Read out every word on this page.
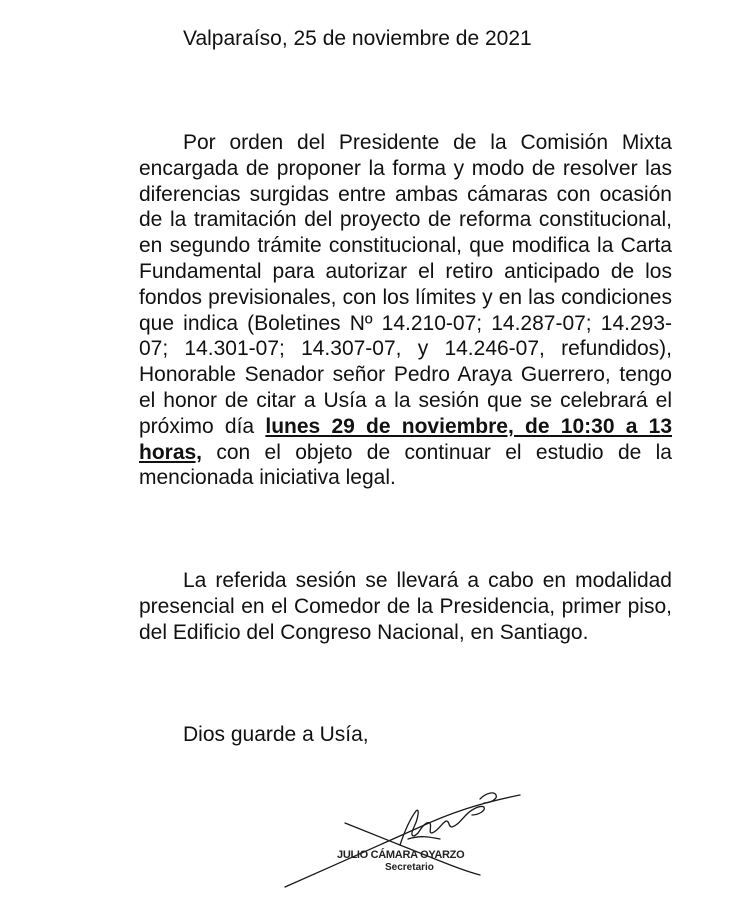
Valparaíso, 25 de noviembre de 2021

Por orden del Presidente de la Comisión Mixta encargada de proponer la forma y modo de resolver las diferencias surgidas entre ambas cámaras con ocasión de la tramitación del proyecto de reforma constitucional, en segundo trámite constitucional, que modifica la Carta Fundamental para autorizar el retiro anticipado de los fondos previsionales, con los límites y en las condiciones que indica (Boletines Nº 14.210-07; 14.287-07; 14.293-07; 14.301-07; 14.307-07, y 14.246-07, refundidos), Honorable Senador señor Pedro Araya Guerrero, tengo el honor de citar a Usía a la sesión que se celebrará el próximo día lunes 29 de noviembre, de 10:30 a 13 horas, con el objeto de continuar el estudio de la mencionada iniciativa legal.

La referida sesión se llevará a cabo en modalidad presencial en el Comedor de la Presidencia, primer piso, del Edificio del Congreso Nacional, en Santiago.

Dios guarde a Usía,
JULIO CÁMARA OYARZO
Secretario
